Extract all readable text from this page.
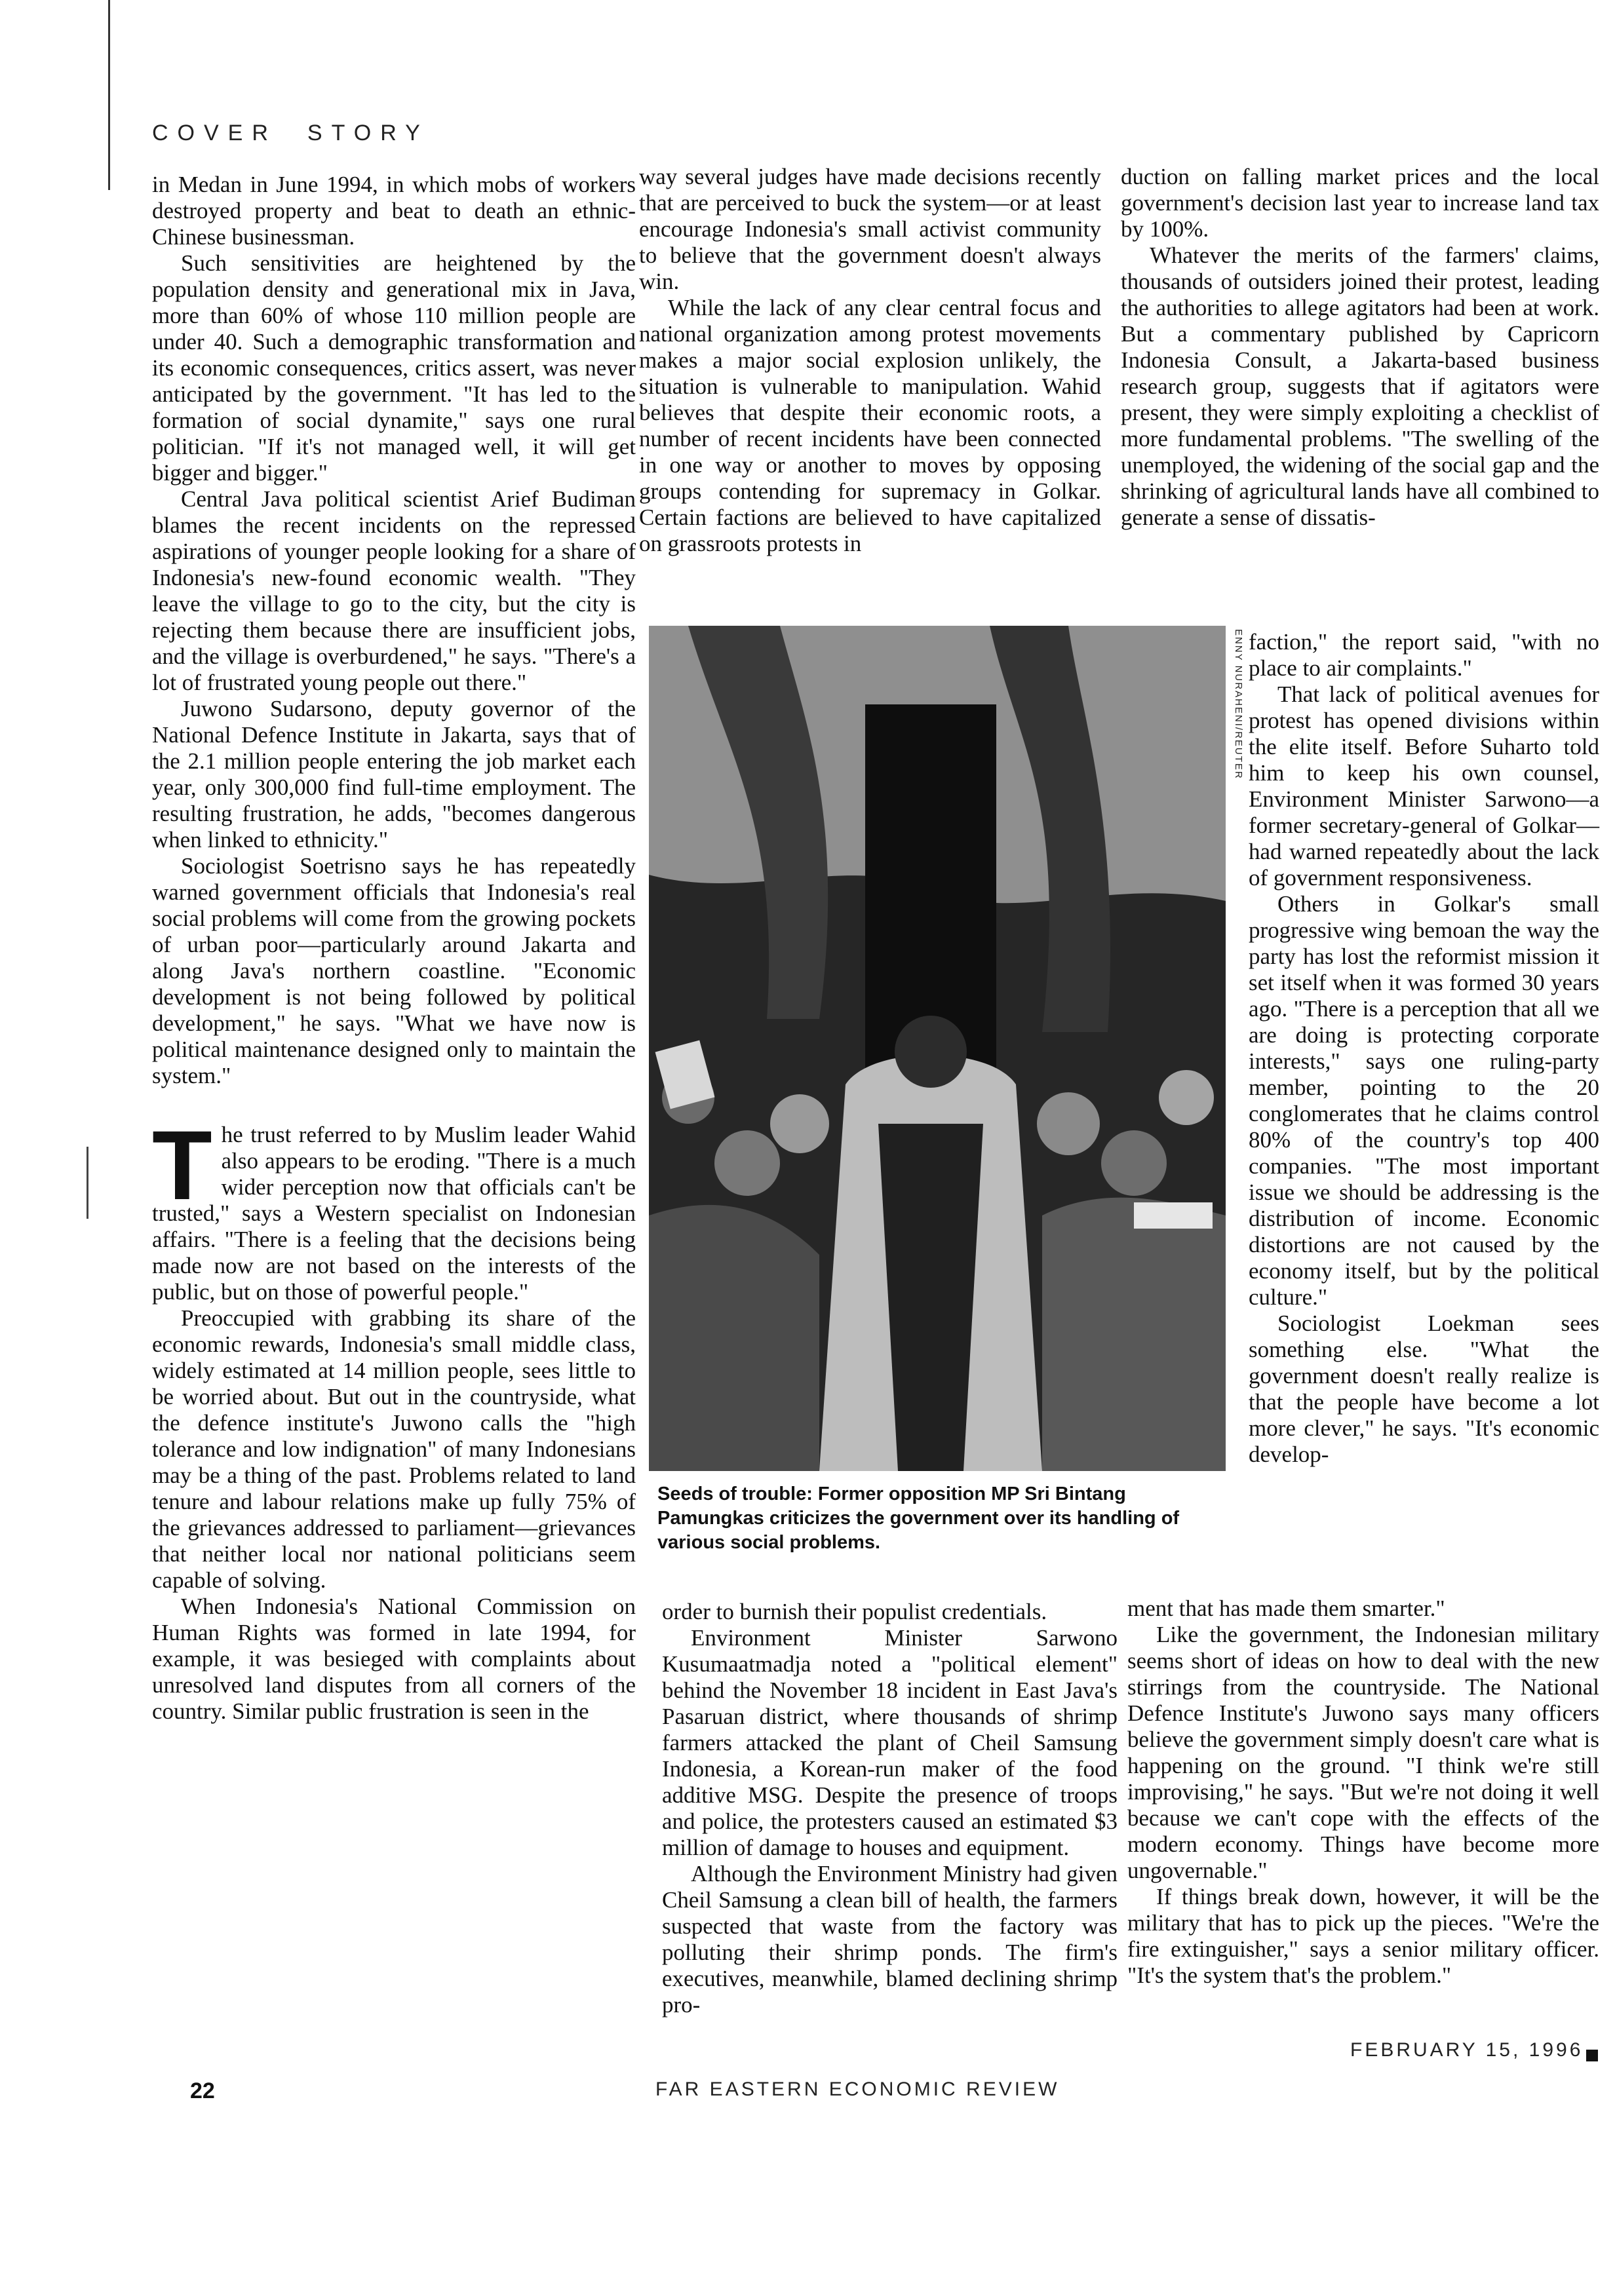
COVER STORY

in Medan in June 1994, in which mobs of workers destroyed property and beat to death an ethnic-Chinese businessman.

Such sensitivities are heightened by the population density and generational mix in Java, more than 60% of whose 110 million people are under 40. Such a demographic transformation and its economic consequences, critics assert, was never anticipated by the government. "It has led to the formation of social dynamite," says one rural politician. "If it's not managed well, it will get bigger and bigger."

Central Java political scientist Arief Budiman blames the recent incidents on the repressed aspirations of younger people looking for a share of Indonesia's new-found economic wealth. "They leave the village to go to the city, but the city is rejecting them because there are insufficient jobs, and the village is overburdened," he says. "There's a lot of frustrated young people out there."

Juwono Sudarsono, deputy governor of the National Defence Institute in Jakarta, says that of the 2.1 million people entering the job market each year, only 300,000 find full-time employment. The resulting frustration, he adds, "becomes dangerous when linked to ethnicity."

Sociologist Soetrisno says he has repeatedly warned government officials that Indonesia's real social problems will come from the growing pockets of urban poor—particularly around Jakarta and along Java's northern coastline. "Economic development is not being followed by political development," he says. "What we have now is political maintenance designed only to maintain the system."

The trust referred to by Muslim leader Wahid also appears to be eroding. "There is a much wider perception now that officials can't be trusted," says a Western specialist on Indonesian affairs. "There is a feeling that the decisions being made now are not based on the interests of the public, but on those of powerful people."

Preoccupied with grabbing its share of the economic rewards, Indonesia's small middle class, widely estimated at 14 million people, sees little to be worried about. But out in the countryside, what the defence institute's Juwono calls the "high tolerance and low indignation" of many Indonesians may be a thing of the past. Problems related to land tenure and labour relations make up fully 75% of the grievances addressed to parliament—grievances that neither local nor national politicians seem capable of solving.

When Indonesia's National Commission on Human Rights was formed in late 1994, for example, it was besieged with complaints about unresolved land disputes from all corners of the country. Similar public frustration is seen in the

way several judges have made decisions recently that are perceived to buck the system—or at least encourage Indonesia's small activist community to believe that the government doesn't always win.

While the lack of any clear central focus and national organization among protest movements makes a major social explosion unlikely, the situation is vulnerable to manipulation. Wahid believes that despite their economic roots, a number of recent incidents have been connected in one way or another to moves by opposing groups contending for supremacy in Golkar. Certain factions are believed to have capitalized on grassroots protests in

ENNY NURAHENI/REUTER
Seeds of trouble: Former opposition MP Sri Bintang Pamungkas criticizes the government over its handling of various social problems.

order to burnish their populist credentials.

Environment Minister Sarwono Kusumaatmadja noted a "political element" behind the November 18 incident in East Java's Pasaruan district, where thousands of shrimp farmers attacked the plant of Cheil Samsung Indonesia, a Korean-run maker of the food additive MSG. Despite the presence of troops and police, the protesters caused an estimated $3 million of damage to houses and equipment.

Although the Environment Ministry had given Cheil Samsung a clean bill of health, the farmers suspected that waste from the factory was polluting their shrimp ponds. The firm's executives, meanwhile, blamed declining shrimp pro-

duction on falling market prices and the local government's decision last year to increase land tax by 100%.

Whatever the merits of the farmers' claims, thousands of outsiders joined their protest, leading the authorities to allege agitators had been at work. But a commentary published by Capricorn Indonesia Consult, a Jakarta-based business research group, suggests that if agitators were present, they were simply exploiting a checklist of more fundamental problems. "The swelling of the unemployed, the widening of the social gap and the shrinking of agricultural lands have all combined to generate a sense of dissatis-

faction," the report said, "with no place to air complaints."

That lack of political avenues for protest has opened divisions within the elite itself. Before Suharto told him to keep his own counsel, Environment Minister Sarwono—a former secretary-general of Golkar—had warned repeatedly about the lack of government responsiveness.

Others in Golkar's small progressive wing bemoan the way the party has lost the reformist mission it set itself when it was formed 30 years ago. "There is a perception that all we are doing is protecting corporate interests," says one ruling-party member, pointing to the 20 conglomerates that he claims control 80% of the country's top 400 companies. "The most important issue we should be addressing is the distribution of income. Economic distortions are not caused by the economy itself, but by the political culture."

Sociologist Loekman sees something else. "What the government doesn't really realize is that the people have become a lot more clever," he says. "It's economic develop-

ment that has made them smarter."

Like the government, the Indonesian military seems short of ideas on how to deal with the new stirrings from the countryside. The National Defence Institute's Juwono says many officers believe the government simply doesn't care what is happening on the ground. "I think we're still improvising," he says. "But we're not doing it well because we can't cope with the effects of the modern economy. Things have become more ungovernable."

If things break down, however, it will be the military that has to pick up the pieces. "We're the fire extinguisher," says a senior military officer. "It's the system that's the problem."

22	FAR EASTERN ECONOMIC REVIEW
FEBRUARY 15, 1996
